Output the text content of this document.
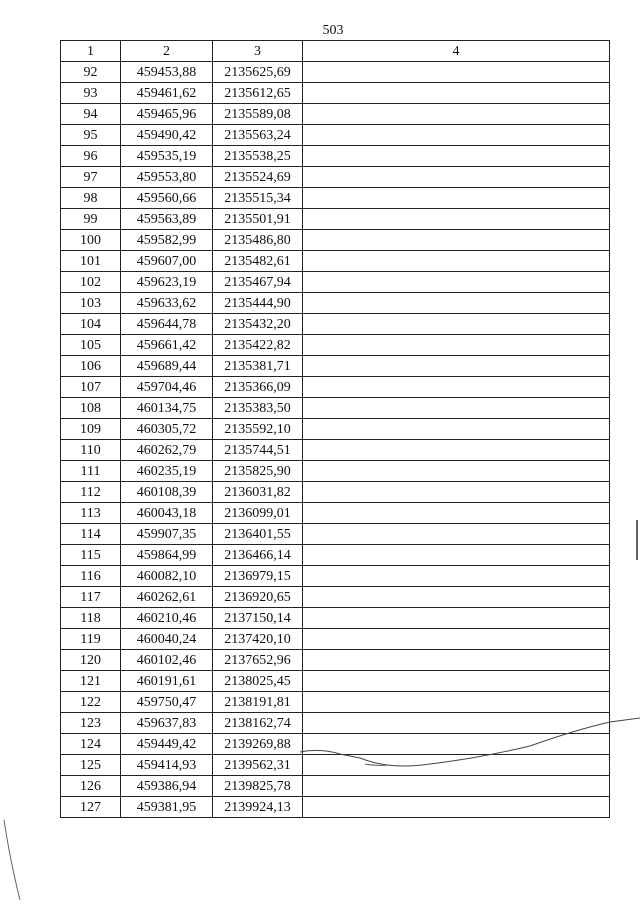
503
1	2	3	4
92	459453,88	2135625,69	
93	459461,62	2135612,65	
94	459465,96	2135589,08	
95	459490,42	2135563,24	
96	459535,19	2135538,25	
97	459553,80	2135524,69	
98	459560,66	2135515,34	
99	459563,89	2135501,91	
100	459582,99	2135486,80	
101	459607,00	2135482,61	
102	459623,19	2135467,94	
103	459633,62	2135444,90	
104	459644,78	2135432,20	
105	459661,42	2135422,82	
106	459689,44	2135381,71	
107	459704,46	2135366,09	
108	460134,75	2135383,50	
109	460305,72	2135592,10	
110	460262,79	2135744,51	
111	460235,19	2135825,90	
112	460108,39	2136031,82	
113	460043,18	2136099,01	
114	459907,35	2136401,55	
115	459864,99	2136466,14	
116	460082,10	2136979,15	
117	460262,61	2136920,65	
118	460210,46	2137150,14	
119	460040,24	2137420,10	
120	460102,46	2137652,96	
121	460191,61	2138025,45	
122	459750,47	2138191,81	
123	459637,83	2138162,74	
124	459449,42	2139269,88	
125	459414,93	2139562,31	
126	459386,94	2139825,78	
127	459381,95	2139924,13	
